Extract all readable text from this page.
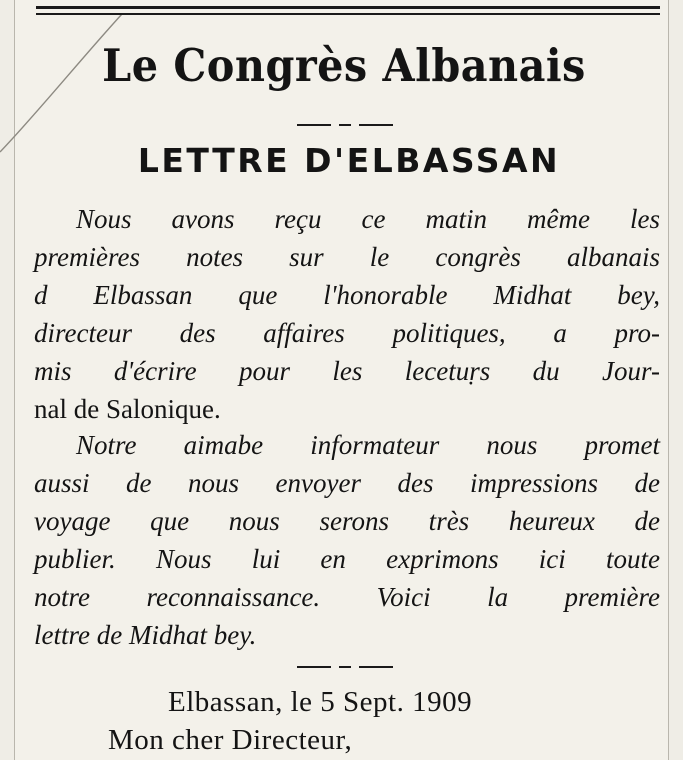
Le Congrès Albanais
LETTRE D'ELBASSAN
Nous avons reçu ce matin même les
premières notes sur le congrès albanais
d Elbassan que l'honorable Midhat bey,
directeur des affaires politiques, a pro-
mis d'écrire pour les lecetuṛs du Jour-
nal de Salonique.
Notre aimabe informateur nous promet
aussi de nous envoyer des impressions de
voyage que nous serons très heureux de
publier. Nous lui en exprimons ici toute
notre reconnaissance. Voici la première
lettre de Midhat bey.
Elbassan, le 5 Sept. 1909
Mon cher Directeur,
